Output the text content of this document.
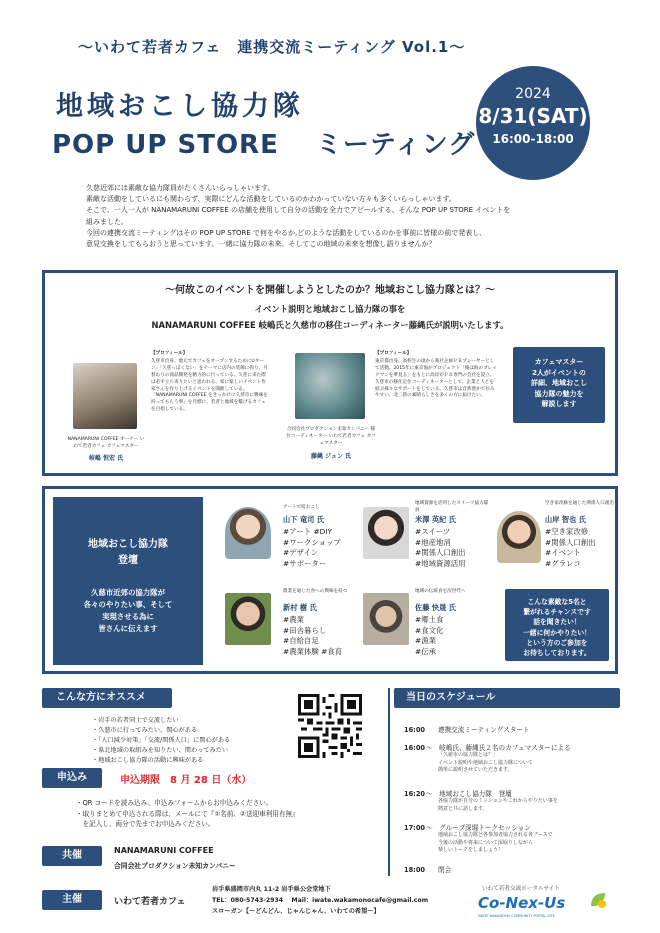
～いわて若者カフェ　連携交流ミーティング Vol.1～
地域おこし協力隊
POP UP STORE　 ミーティング
2024
8/31(SAT)
16:00-18:00
久慈近郊には素敵な協力隊員がたくさんいらっしゃいます。
素敵な活動をしているにも関わらず、実際にどんな活動をしているのかわかっていない方々も多くいらっしゃいます。
そこで、一人一人が NANAMARUNI COFFEE の店舗を使用して自分の活動を全力でアピールする、そんな POP UP STORE イベントを
組みました。
今回の連携交流ミーティングはその POP UP STORE で何をやるか,どのような活動をしているのかを事前に皆様の前で発表し、
意見交換をしてもらおうと思っています。一緒に協力隊の未来、そしてこの地域の未来を想像し語りませんか？
～何故このイベントを開催しようとしたのか？地域おこし協力隊とは？～
イベント説明と地域おこし協力隊の事を
NANAMARUNI COFFEE 岐嶋氏と久慈市の移住コーディネーター藤縄氏が説明いたします。
NANAMARUNI COFFEE オーナー いわて若者カフェ カフェマスター
岐嶋 恒宏 氏
【プロフィール】
久慈市出身。地元でカフェをオープンするためにUターン。「久慈っぽくない」をテーマに店内の装飾に拘り、月替わりの商品開発を精力的に行っている。久慈に来た際は必ず立ち寄りたいと思われる、家に楽しいイベント作家さんを作り上げるイベントを開催している。「NANAMARUNI COFFEE をきっかけに久慈市に興味を持ってもらう事」を目標に、若者と地域を繋げるカフェを目指している。
合同会社プロダクション未知カンパニー 移住コーディネーター いわて若者カフェ カフェマスター
藤縄 ジュン 氏
【プロフィール】
東京都出身。高校生の頃から商社企画ＰＲプレーヤーとして活動。2015年に東京海かプロジェクト「俺は海のブレックマンを夢見る」をもとに高岸がＰＲ専門の会社を設立。久慈市の移住定住コーディネーターとして、企業と人とを結ぶ様々なサポートをしている。久慈市は自然豊かで住みやすい、北三陸の素晴らしさを多くの方に届けたい。
カフェマスター
2人がイベントの
詳細、地域おこし
協力隊の魅力を
解説します
地域おこし協力隊
登壇
久慈市近郊の協力隊が
各々のやりたい事、そして
実現させる為に
皆さんに伝えます
アートで町おこし
山下 竜司 氏
#アート #DIY
#ワークショップ
#デザイン
#サポーター
地域資源を活用したスイーツ協力隊員
米澤 英紀 氏
#スイーツ
#地産地消
#関係人口創出
#地域資源活用
空き家改修を通じた関係人口創出
山岸 智也 氏
#空き家改修
#関係人口創出
#イベント
#グラレコ
農業を通じた食への興味を持つ
新村 樹 氏
#農業
#田舎暮らし
#自給自足
#農業体験 #食育
地域の伝統食を次世代へ
佐藤 快晟 氏
#郷土食
#食文化
#漁業
#伝承
こんな素敵な5名と
繋がれるチャンスです
話を聞きたい！
一緒に何かやりたい！
という方のご参加を
お待ちしております。
こんな方にオススメ
・岩手の若者同士で交流したい
・久慈市に行ってみたい、関心がある
・「人口減少対策」「交流/関係人口」に関心がある
・県北地域の取組みを知りたい、関わってみたい
・地域おこし協力隊の活動に興味がある
申込み	申込期限　8 月 28 日（水）
・QR コードを読み込み、申込みフォームからお申込みください。
・取りまとめて申込される際は、メールにて『①名前、②送迎車利用有無』
　を記入し、両分で先までお申込みください。
共催	NANAMARUNI COFFEE
合同会社プロダクション未知カンパニー
主催	いわて若者カフェ
岩手県盛岡市内丸 11-2 岩手県公会堂地下
TEL：080-5743-2934　 Mail：iwate.wakamonocafe@gmail.com
スローガン【～どんどん、じゃんじゃん、いわての希望～】
当日のスケジュール
16:00 連携交流ミーティングスタート
16:00～　岐嶋氏、藤縄氏２名のカフェマスターによる
「久慈市の協力隊とは？」
イベント説明や地域おこし協力隊について
簡単に説明させていただきます。
16:20～　地域おこし協力隊　登壇
各協力隊が自分のミッションやこれからやりたい事を
熱意と共に話します。
17:00～　グループ深堀トークセッション
地域おこし協力隊と各参加者協力される各ブースで
今後の活動や将来について深堀りしながら
楽しいトークをしましょう！
18:00 閉会
いわて若者交流ポータルサイト
Co-Nex-Us
IWATE WAKAMONO COMMUNITY PORTAL SITE
